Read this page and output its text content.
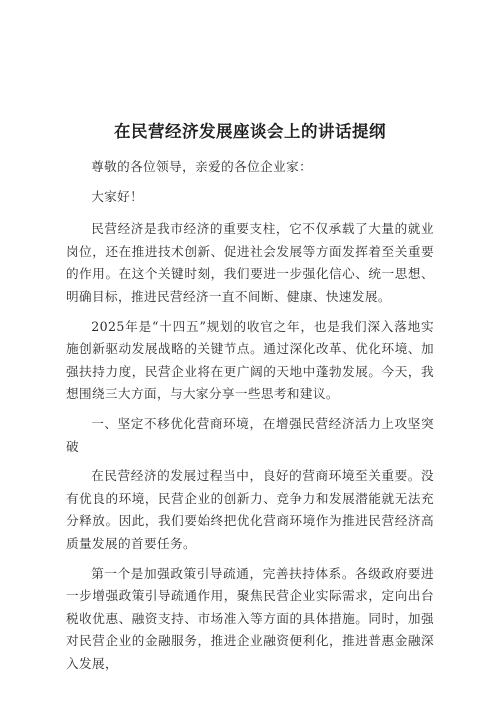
在民营经济发展座谈会上的讲话提纲

尊敬的各位领导，亲爱的各位企业家：

大家好！

民营经济是我市经济的重要支柱，它不仅承载了大量的就业岗位，还在推进技术创新、促进社会发展等方面发挥着至关重要的作用。在这个关键时刻，我们要进一步强化信心、统一思想、明确目标，推进民营经济一直不间断、健康、快速发展。

2025年是“十四五”规划的收官之年，也是我们深入落地实施创新驱动发展战略的关键节点。通过深化改革、优化环境、加强扶持力度，民营企业将在更广阔的天地中蓬勃发展。今天，我想围绕三大方面，与大家分享一些思考和建议。

一、坚定不移优化营商环境，在增强民营经济活力上攻坚突破

在民营经济的发展过程当中，良好的营商环境至关重要。没有优良的环境，民营企业的创新力、竞争力和发展潜能就无法充分释放。因此，我们要始终把优化营商环境作为推进民营经济高质量发展的首要任务。

第一个是加强政策引导疏通，完善扶持体系。各级政府要进一步增强政策引导疏通作用，聚焦民营企业实际需求，定向出台税收优惠、融资支持、市场准入等方面的具体措施。同时，加强对民营企业的金融服务，推进企业融资便利化，推进普惠金融深入发展，
